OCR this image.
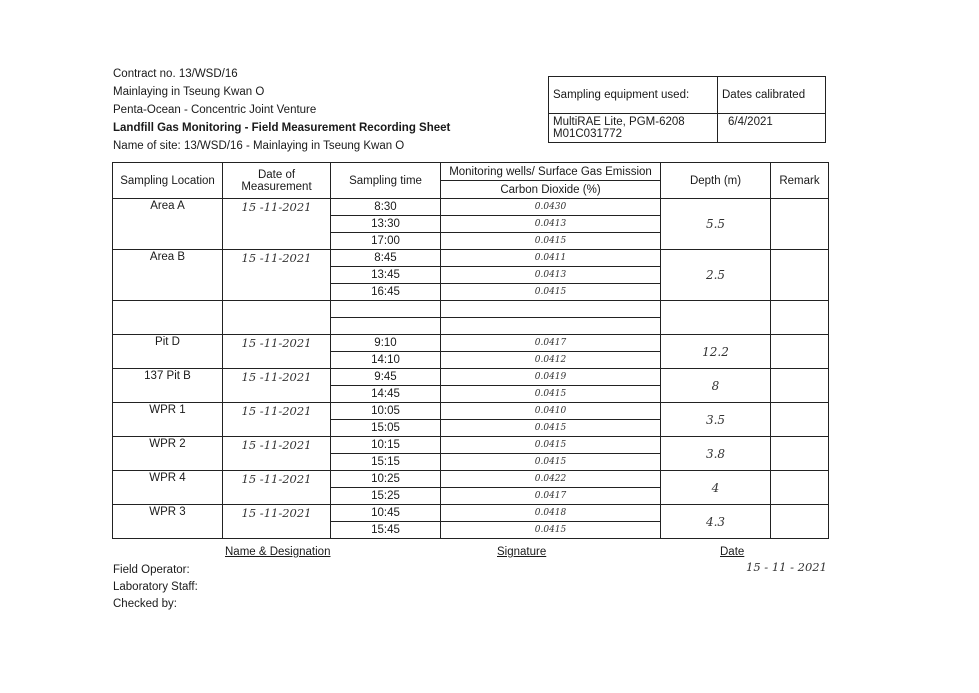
Contract no. 13/WSD/16
Mainlaying in Tseung Kwan O
Penta-Ocean - Concentric Joint Venture
Landfill Gas Monitoring - Field Measurement Recording Sheet
Name of site: 13/WSD/16 - Mainlaying in Tseung Kwan O
Sampling equipment used:	Dates calibrated

MultiRAE Lite, PGM-6208
M01C031772	6/4/2021
Sampling Location	Date of Measurement	Sampling time	Monitoring wells/ Surface Gas Emission	Depth (m)	Remark
			Carbon Dioxide (%)		
Area A	15 -11-2021	8:30	0.0430	5.5	
		13:30	0.0413		
		17:00	0.0415		
Area B	15 -11-2021	8:45	0.0411	2.5	
		13:45	0.0413		
		16:45	0.0415		

Pit D	15 -11-2021	9:10	0.0417	12.2	
		14:10	0.0412		
137 Pit B	15 -11-2021	9:45	0.0419	8	
		14:45	0.0415		
WPR 1	15 -11-2021	10:05	0.0410	3.5	
		15:05	0.0415		
WPR 2	15 -11-2021	10:15	0.0415	3.8	
		15:15	0.0415		
WPR 4	15 -11-2021	10:25	0.0422	4	
		15:25	0.0417		
WPR 3	15 -11-2021	10:45	0.0418	4.3	
		15:45	0.0415		
Name & Designation	Signature	Date
15 - 11 - 2021
Field Operator:
Laboratory Staff:
Checked by:
